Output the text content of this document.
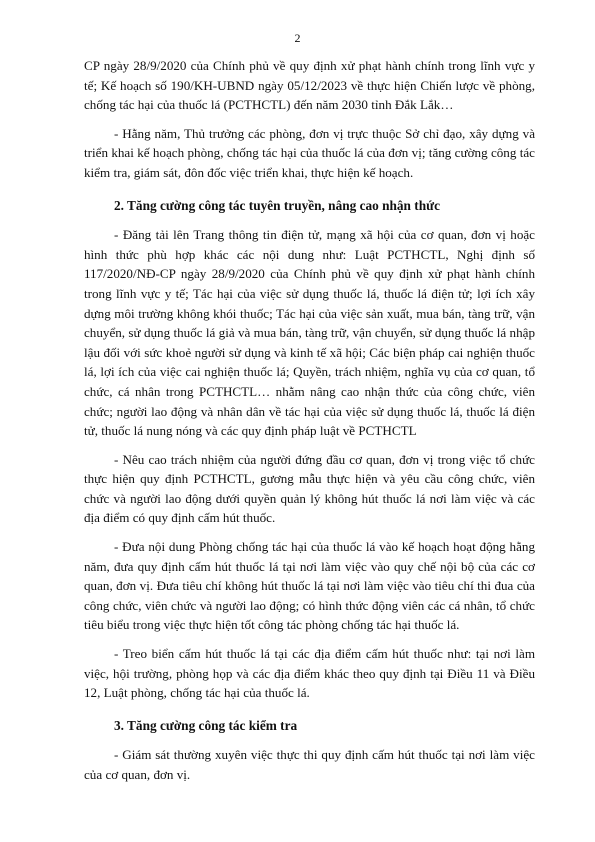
2

CP ngày 28/9/2020 của Chính phủ về quy định xử phạt hành chính trong lĩnh vực y tế; Kế hoạch số 190/KH-UBND ngày 05/12/2023 về thực hiện Chiến lược về phòng, chống tác hại của thuốc lá (PCTHCTL) đến năm 2030 tỉnh Đắk Lắk…

- Hằng năm, Thủ trưởng các phòng, đơn vị trực thuộc Sở chỉ đạo, xây dựng và triển khai kế hoạch phòng, chống tác hại của thuốc lá của đơn vị; tăng cường công tác kiểm tra, giám sát, đôn đốc việc triển khai, thực hiện kế hoạch.

2. Tăng cường công tác tuyên truyền, nâng cao nhận thức

- Đăng tải lên Trang thông tin điện tử, mạng xã hội của cơ quan, đơn vị hoặc hình thức phù hợp khác các nội dung như: Luật PCTHCTL, Nghị định số 117/2020/NĐ-CP ngày 28/9/2020 của Chính phủ về quy định xử phạt hành chính trong lĩnh vực y tế; Tác hại của việc sử dụng thuốc lá, thuốc lá điện tử; lợi ích xây dựng môi trường không khói thuốc; Tác hại của việc sản xuất, mua bán, tàng trữ, vận chuyển, sử dụng thuốc lá giả và mua bán, tàng trữ, vận chuyển, sử dụng thuốc lá nhập lậu đối với sức khoẻ người sử dụng và kinh tế xã hội; Các biện pháp cai nghiện thuốc lá, lợi ích của việc cai nghiện thuốc lá; Quyền, trách nhiệm, nghĩa vụ của cơ quan, tổ chức, cá nhân trong PCTHCTL… nhằm nâng cao nhận thức của công chức, viên chức; người lao động và nhân dân về tác hại của việc sử dụng thuốc lá, thuốc lá điện tử, thuốc lá nung nóng và các quy định pháp luật về PCTHCTL

- Nêu cao trách nhiệm của người đứng đầu cơ quan, đơn vị trong việc tổ chức thực hiện quy định PCTHCTL, gương mẫu thực hiện và yêu cầu công chức, viên chức và người lao động dưới quyền quản lý không hút thuốc lá nơi làm việc và các địa điểm có quy định cấm hút thuốc.

- Đưa nội dung Phòng chống tác hại của thuốc lá vào kế hoạch hoạt động hằng năm, đưa quy định cấm hút thuốc lá tại nơi làm việc vào quy chế nội bộ của các cơ quan, đơn vị. Đưa tiêu chí không hút thuốc lá tại nơi làm việc vào tiêu chí thi đua của công chức, viên chức và người lao động; có hình thức động viên các cá nhân, tổ chức tiêu biểu trong việc thực hiện tốt công tác phòng chống tác hại thuốc lá.

- Treo biển cấm hút thuốc lá tại các địa điểm cấm hút thuốc như: tại nơi làm việc, hội trường, phòng họp và các địa điểm khác theo quy định tại Điều 11 và Điều 12, Luật phòng, chống tác hại của thuốc lá.

3. Tăng cường công tác kiểm tra

- Giám sát thường xuyên việc thực thi quy định cấm hút thuốc tại nơi làm việc của cơ quan, đơn vị.
